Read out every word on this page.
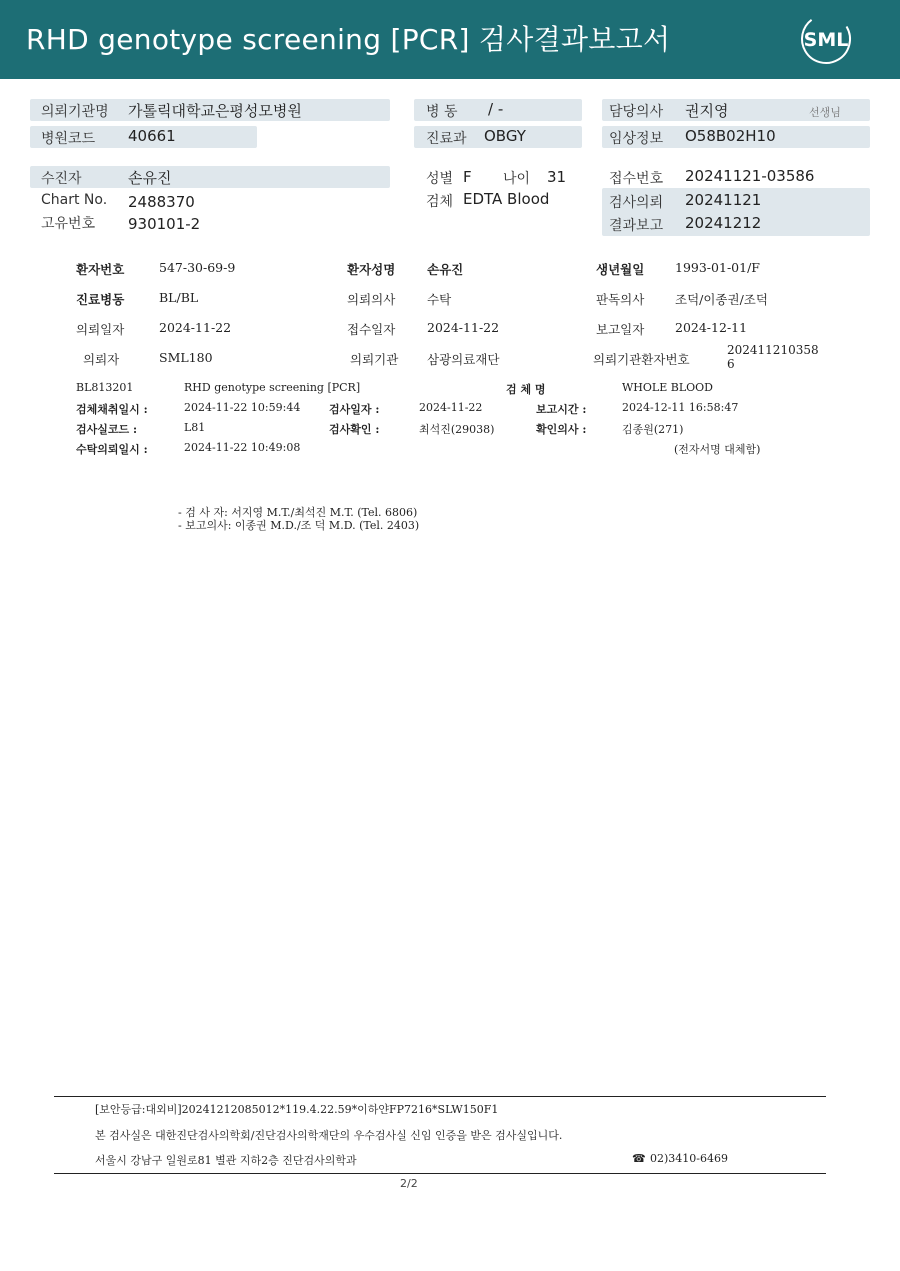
RHD genotype screening [PCR] 검사결과보고서	SML
의뢰기관명 가톨릭대학교은평성모병원
병원코드 40661
병 동 / -
진료과 OBGY
담당의사 권지영	선생님
임상정보 O58B02H10
수진자	손유진
Chart No. 2488370
고유번호 930101-2
성별 F 나이 31
검체 EDTA Blood
접수번호 20241121-03586
검사의뢰 20241121
결과보고 20241212
환자번호	547-30-69-9	환자성명	손유진	생년월일 1993-01-01/F
진료병동	BL/BL	의뢰의사	수탁	판독의사 조덕/이종권/조덕
의뢰일자	2024-11-22	접수일자	2024-11-22	보고일자 2024-12-11
의뢰자	SML180	의뢰기관 삼광의료재단	의뢰기관환자번호
202411210358
6
BL813201	RHD genotype screening [PCR]	검 체 명	WHOLE BLOOD
검체채취일시 :	2024-11-22 10:59:44	검사일자 :	2024-11-22	보고시간 :	2024-12-11 16:58:47
검사실코드 :	L81	검사확인 :	최석진(29038)	확인의사 :	김종원(271)
수탁의뢰일시 :	2024-11-22 10:49:08	(전자서명 대체함)
- 검 사 자: 서지영 M.T./최석진 M.T. (Tel. 6806)
- 보고의사: 이종권 M.D./조 덕 M.D. (Tel. 2403)
[보안등급:대외비]20241212085012*119.4.22.59*이하얀FP7216*SLW150F1
본 검사실은 대한진단검사의학회/진단검사의학재단의 우수검사실 신임 인증을 받은 검사실입니다.
서울시 강남구 일원로81 별관 지하2층 진단검사의학과	☎ 02)3410-6469
2/2
